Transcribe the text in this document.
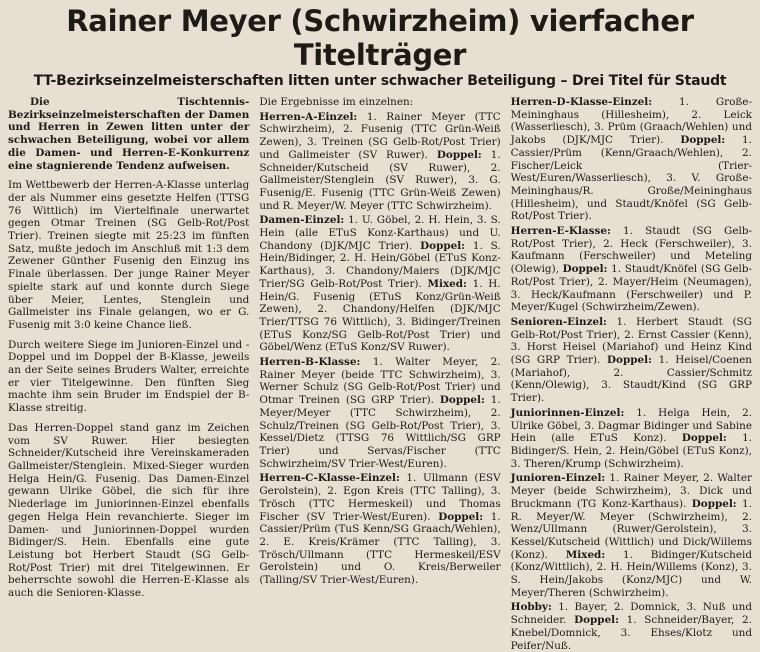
Rainer Meyer (Schwirzheim) vierfacher Titelträger
TT-Bezirkseinzelmeisterschaften litten unter schwacher Beteiligung – Drei Titel für Staudt

Die Tischtennis-Bezirkseinzelmeisterschaften der Damen und Herren in Zewen litten unter der schwachen Beteiligung, wobei vor allem die Damen- und Herren-E-Konkurrenz eine stagnierende Tendenz aufweisen.

Im Wettbewerb der Herren-A-Klasse unterlag der als Nummer eins gesetzte Helfen (TTSG 76 Wittlich) im Viertelfinale unerwartet gegen Otmar Treinen (SG Gelb-Rot/Post Trier). Treinen siegte mit 25:23 im fünften Satz, mußte jedoch im Anschluß mit 1:3 dem Zewener Günther Fusenig den Einzug ins Finale überlassen. Der junge Rainer Meyer spielte stark auf und konnte durch Siege über Meier, Lentes, Stenglein und Gallmeister ins Finale gelangen, wo er G. Fusenig mit 3:0 keine Chance ließ.

Durch weitere Siege im Junioren-Einzel und -Doppel und im Doppel der B-Klasse, jeweils an der Seite seines Bruders Walter, erreichte er vier Titelgewinne. Den fünften Sieg machte ihm sein Bruder im Endspiel der B-Klasse streitig.

Das Herren-Doppel stand ganz im Zeichen vom SV Ruwer. Hier besiegten Schneider/Kutscheid ihre Vereinskameraden Gallmeister/Stenglein. Mixed-Sieger wurden Helga Hein/G. Fusenig. Das Damen-Einzel gewann Ulrike Göbel, die sich für ihre Niederlage im Juniorinnen-Einzel ebenfalls gegen Helga Hein revanchierte. Sieger im Damen- und Juniorinnen-Doppel wurden Bidinger/S. Hein. Ebenfalls eine gute Leistung bot Herbert Staudt (SG Gelb-Rot/Post Trier) mit drei Titelgewinnen. Er beherrschte sowohl die Herren-E-Klasse als auch die Senioren-Klasse.

Die Ergebnisse im einzelnen:

Herren-A-Einzel: 1. Rainer Meyer (TTC Schwirzheim), 2. Fusenig (TTC Grün-Weiß Zewen), 3. Treinen (SG Gelb-Rot/Post Trier) und Gallmeister (SV Ruwer). Doppel: 1. Schneider/Kutscheid (SV Ruwer), 2. Gallmeister/Stenglein (SV Ruwer), 3. G. Fusenig/E. Fusenig (TTC Grün-Weiß Zewen) und R. Meyer/W. Meyer (TTC Schwirzheim).

Damen-Einzel: 1. U. Göbel, 2. H. Hein, 3. S. Hein (alle ETuS Konz-Karthaus) und U. Chandony (DJK/MJC Trier). Doppel: 1. S. Hein/Bidinger, 2. H. Hein/Göbel (ETuS Konz-Karthaus), 3. Chandony/Maiers (DJK/MJC Trier/SG Gelb-Rot/Post Trier). Mixed: 1. H. Hein/G. Fusenig (ETuS Konz/Grün-Weiß Zewen), 2. Chandony/Helfen (DJK/MJC Trier/TTSG 76 Wittlich), 3. Bidinger/Treinen (ETuS Konz/SG Gelb-Rot/Post Trier) und Göbel/Wenz (ETuS Konz/SV Ruwer).

Herren-B-Klasse: 1. Walter Meyer, 2. Rainer Meyer (beide TTC Schwirzheim), 3. Werner Schulz (SG Gelb-Rot/Post Trier) und Otmar Treinen (SG GRP Trier). Doppel: 1. Meyer/Meyer (TTC Schwirzheim), 2. Schulz/Treinen (SG Gelb-Rot/Post Trier), 3. Kessel/Dietz (TTSG 76 Wittlich/SG GRP Trier) und Servas/Fischer (TTC Schwirzheim/SV Trier-West/Euren).

Herren-C-Klasse-Einzel: 1. Ullmann (ESV Gerolstein), 2. Egon Kreis (TTC Talling), 3. Trösch (TTC Hermeskeil) und Thomas Fischer (SV Trier-West/Euren). Doppel: 1. Cassier/Prüm (TuS Kenn/SG Graach/Wehlen), 2. E. Kreis/Krämer (TTC Talling), 3. Trösch/Ullmann (TTC Hermeskeil/ESV Gerolstein) und O. Kreis/Berweiler (Talling/SV Trier-West/Euren).

Herren-D-Klasse-Einzel: 1. Große-Meininghaus (Hillesheim), 2. Leick (Wasserliesch), 3. Prüm (Graach/Wehlen) und Jakobs (DJK/MJC Trier). Doppel: 1. Cassier/Prüm (Kenn/Graach/Wehlen), 2. Fischer/Leick (Trier-West/Euren/Wasserliesch), 3. V. Große-Meininghaus/R. Große/Meininghaus (Hillesheim), und Staudt/Knöfel (SG Gelb-Rot/Post Trier).

Herren-E-Klasse: 1. Staudt (SG Gelb-Rot/Post Trier), 2. Heck (Ferschweiler), 3. Kaufmann (Ferschweiler) und Meteling (Olewig), Doppel: 1. Staudt/Knöfel (SG Gelb-Rot/Post Trier), 2. Mayer/Heim (Neumagen), 3. Heck/Kaufmann (Ferschweiler) und P. Meyer/Kugel (Schwirzheim/Zewen).

Senioren-Einzel: 1. Herbert Staudt (SG Gelb-Rot/Post Trier), 2. Ernst Cassier (Kenn), 3. Horst Heisel (Mariahof) und Heinz Kind (SG GRP Trier). Doppel: 1. Heisel/Coenen (Mariahof), 2. Cassier/Schmitz (Kenn/Olewig), 3. Staudt/Kind (SG GRP Trier).

Juniorinnen-Einzel: 1. Helga Hein, 2. Ulrike Göbel, 3. Dagmar Bidinger und Sabine Hein (alle ETuS Konz). Doppel: 1. Bidinger/S. Hein, 2. Hein/Göbel (ETuS Konz), 3. Theren/Krump (Schwirzheim).

Junioren-Einzel: 1. Rainer Meyer, 2. Walter Meyer (beide Schwirzheim), 3. Dick und Bruckmann (TG Konz-Karthaus). Doppel: 1. R. Meyer/W. Meyer (Schwirzheim), 2. Wenz/Ullmann (Ruwer/Gerolstein), 3. Kessel/Kutscheid (Wittlich) und Dick/Willems (Konz). Mixed: 1. Bidinger/Kutscheid (Konz/Wittlich), 2. H. Hein/Willems (Konz), 3. S. Hein/Jakobs (Konz/MJC) und W. Meyer/Theren (Schwirzheim).

Hobby: 1. Bayer, 2. Domnick, 3. Nuß und Schneider. Doppel: 1. Schneider/Bayer, 2. Knebel/Domnick, 3. Ehses/Klotz und Peifer/Nuß.
